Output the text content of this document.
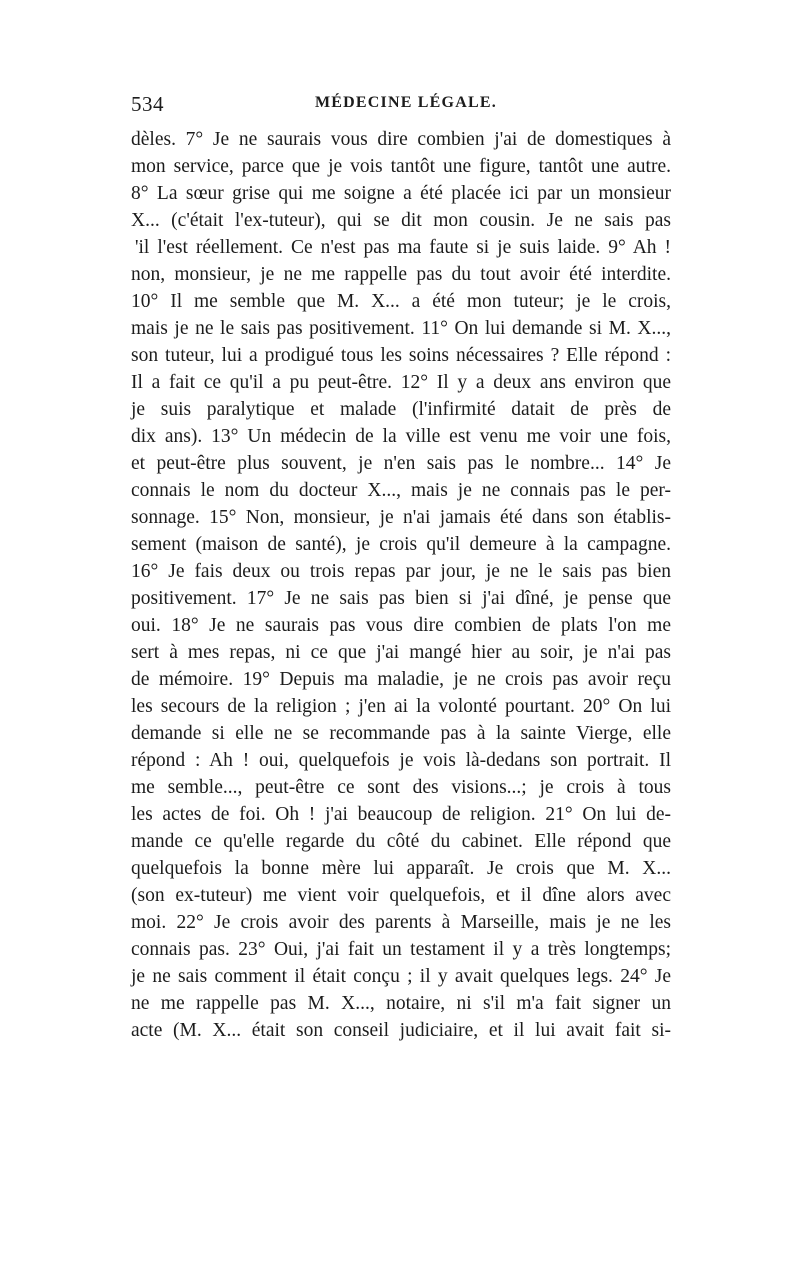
534	MÉDECINE LÉGALE.
dèles. 7° Je ne saurais vous dire combien j'ai de domestiques à
mon service, parce que je vois tantôt une figure, tantôt une autre.
8° La sœur grise qui me soigne a été placée ici par un monsieur
X... (c'était l'ex-tuteur), qui se dit mon cousin. Je ne sais pas
'il l'est réellement. Ce n'est pas ma faute si je suis laide. 9° Ah !
non, monsieur, je ne me rappelle pas du tout avoir été interdite.
10° Il me semble que M. X... a été mon tuteur; je le crois,
mais je ne le sais pas positivement. 11° On lui demande si M. X...,
son tuteur, lui a prodigué tous les soins nécessaires ? Elle répond :
Il a fait ce qu'il a pu peut-être. 12° Il y a deux ans environ que
je suis paralytique et malade (l'infirmité datait de près de
dix ans). 13° Un médecin de la ville est venu me voir une fois,
et peut-être plus souvent, je n'en sais pas le nombre... 14° Je
connais le nom du docteur X..., mais je ne connais pas le per-
sonnage. 15° Non, monsieur, je n'ai jamais été dans son établis-
sement (maison de santé), je crois qu'il demeure à la campagne.
16° Je fais deux ou trois repas par jour, je ne le sais pas bien
positivement. 17° Je ne sais pas bien si j'ai dîné, je pense que
oui. 18° Je ne saurais pas vous dire combien de plats l'on me
sert à mes repas, ni ce que j'ai mangé hier au soir, je n'ai pas
de mémoire. 19° Depuis ma maladie, je ne crois pas avoir reçu
les secours de la religion ; j'en ai la volonté pourtant. 20° On lui
demande si elle ne se recommande pas à la sainte Vierge, elle
répond : Ah ! oui, quelquefois je vois là-dedans son portrait. Il
me semble..., peut-être ce sont des visions...; je crois à tous
les actes de foi. Oh ! j'ai beaucoup de religion. 21° On lui de-
mande ce qu'elle regarde du côté du cabinet. Elle répond que
quelquefois la bonne mère lui apparaît. Je crois que M. X...
(son ex-tuteur) me vient voir quelquefois, et il dîne alors avec
moi. 22° Je crois avoir des parents à Marseille, mais je ne les
connais pas. 23° Oui, j'ai fait un testament il y a très longtemps;
je ne sais comment il était conçu ; il y avait quelques legs. 24° Je
ne me rappelle pas M. X..., notaire, ni s'il m'a fait signer un
acte (M. X... était son conseil judiciaire, et il lui avait fait si-
